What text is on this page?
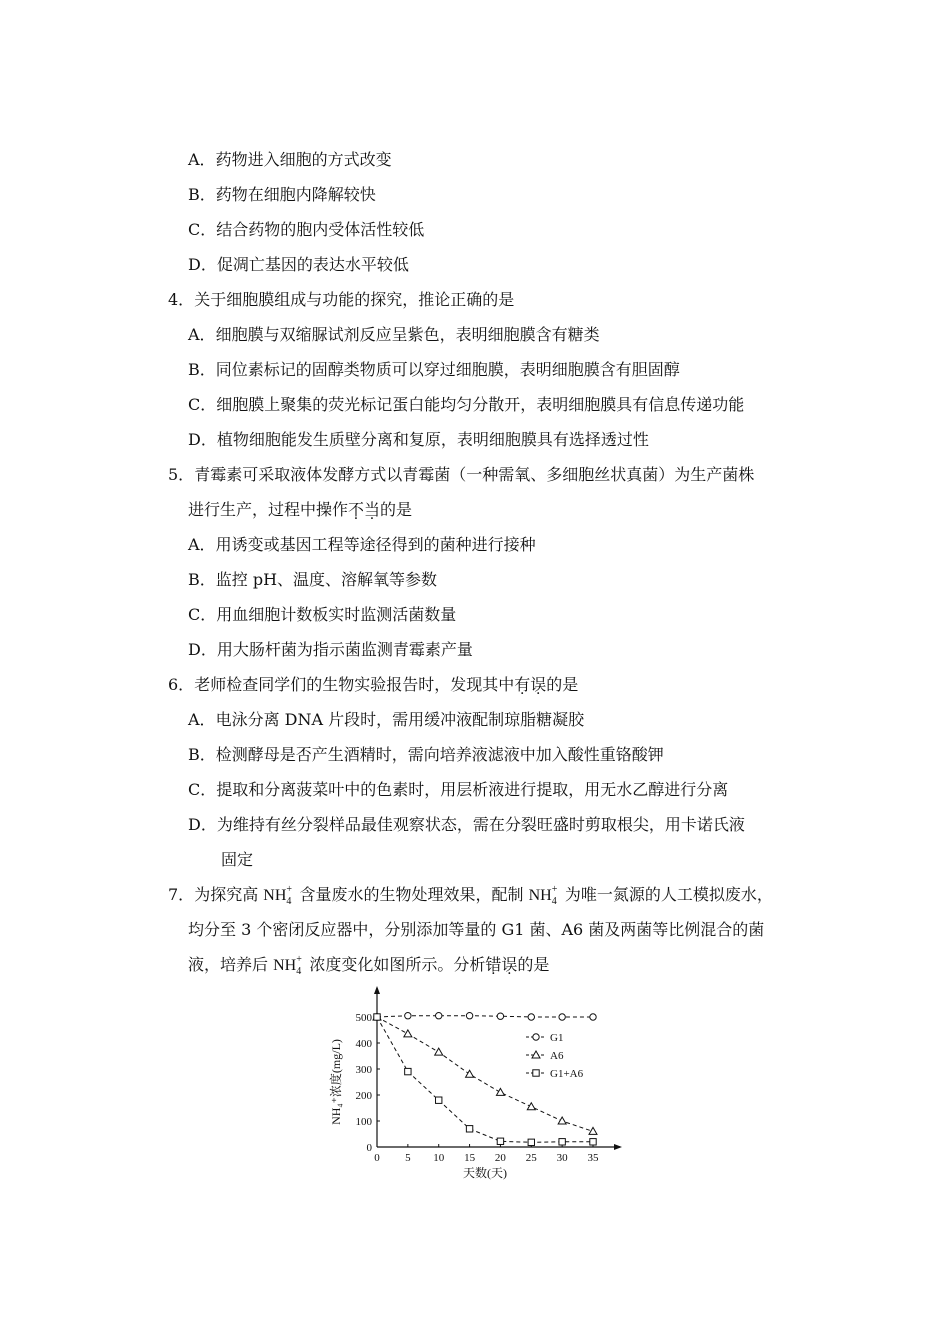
A．药物进入细胞的方式改变
B．药物在细胞内降解较快
C．结合药物的胞内受体活性较低
D．促凋亡基因的表达水平较低
4．关于细胞膜组成与功能的探究，推论正确的是
A．细胞膜与双缩脲试剂反应呈紫色，表明细胞膜含有糖类
B．同位素标记的固醇类物质可以穿过细胞膜，表明细胞膜含有胆固醇
C．细胞膜上聚集的荧光标记蛋白能均匀分散开，表明细胞膜具有信息传递功能
D．植物细胞能发生质壁分离和复原，表明细胞膜具有选择透过性
5．青霉素可采取液体发酵方式以青霉菌（一种需氧、多细胞丝状真菌）为生产菌株
进行生产，过程中操作不当的是
A．用诱变或基因工程等途径得到的菌种进行接种
B．监控 pH、温度、溶解氧等参数
C．用血细胞计数板实时监测活菌数量
D．用大肠杆菌为指示菌监测青霉素产量
6．老师检查同学们的生物实验报告时，发现其中有误的是
A．电泳分离 DNA 片段时，需用缓冲液配制琼脂糖凝胶
B．检测酵母是否产生酒精时，需向培养液滤液中加入酸性重铬酸钾
C．提取和分离菠菜叶中的色素时，用层析液进行提取，用无水乙醇进行分离
D．为维持有丝分裂样品最佳观察状态，需在分裂旺盛时剪取根尖，用卡诺氏液
固定
7．为探究高 NH +
4 含量废水的生物处理效果，配制 NH +
4 为唯一氮源的人工模拟废水，
均分至 3 个密闭反应器中，分别添加等量的 G1 菌、A6 菌及两菌等比例混合的菌
液，培养后 NH +
4 浓度变化如图所示。分析错误的是
0 5 10 15 20 25 30 35
0
100
200
300
400
500
天数(天)
NH₄⁺浓度(mg/L)
G1
A6
G1+A6
